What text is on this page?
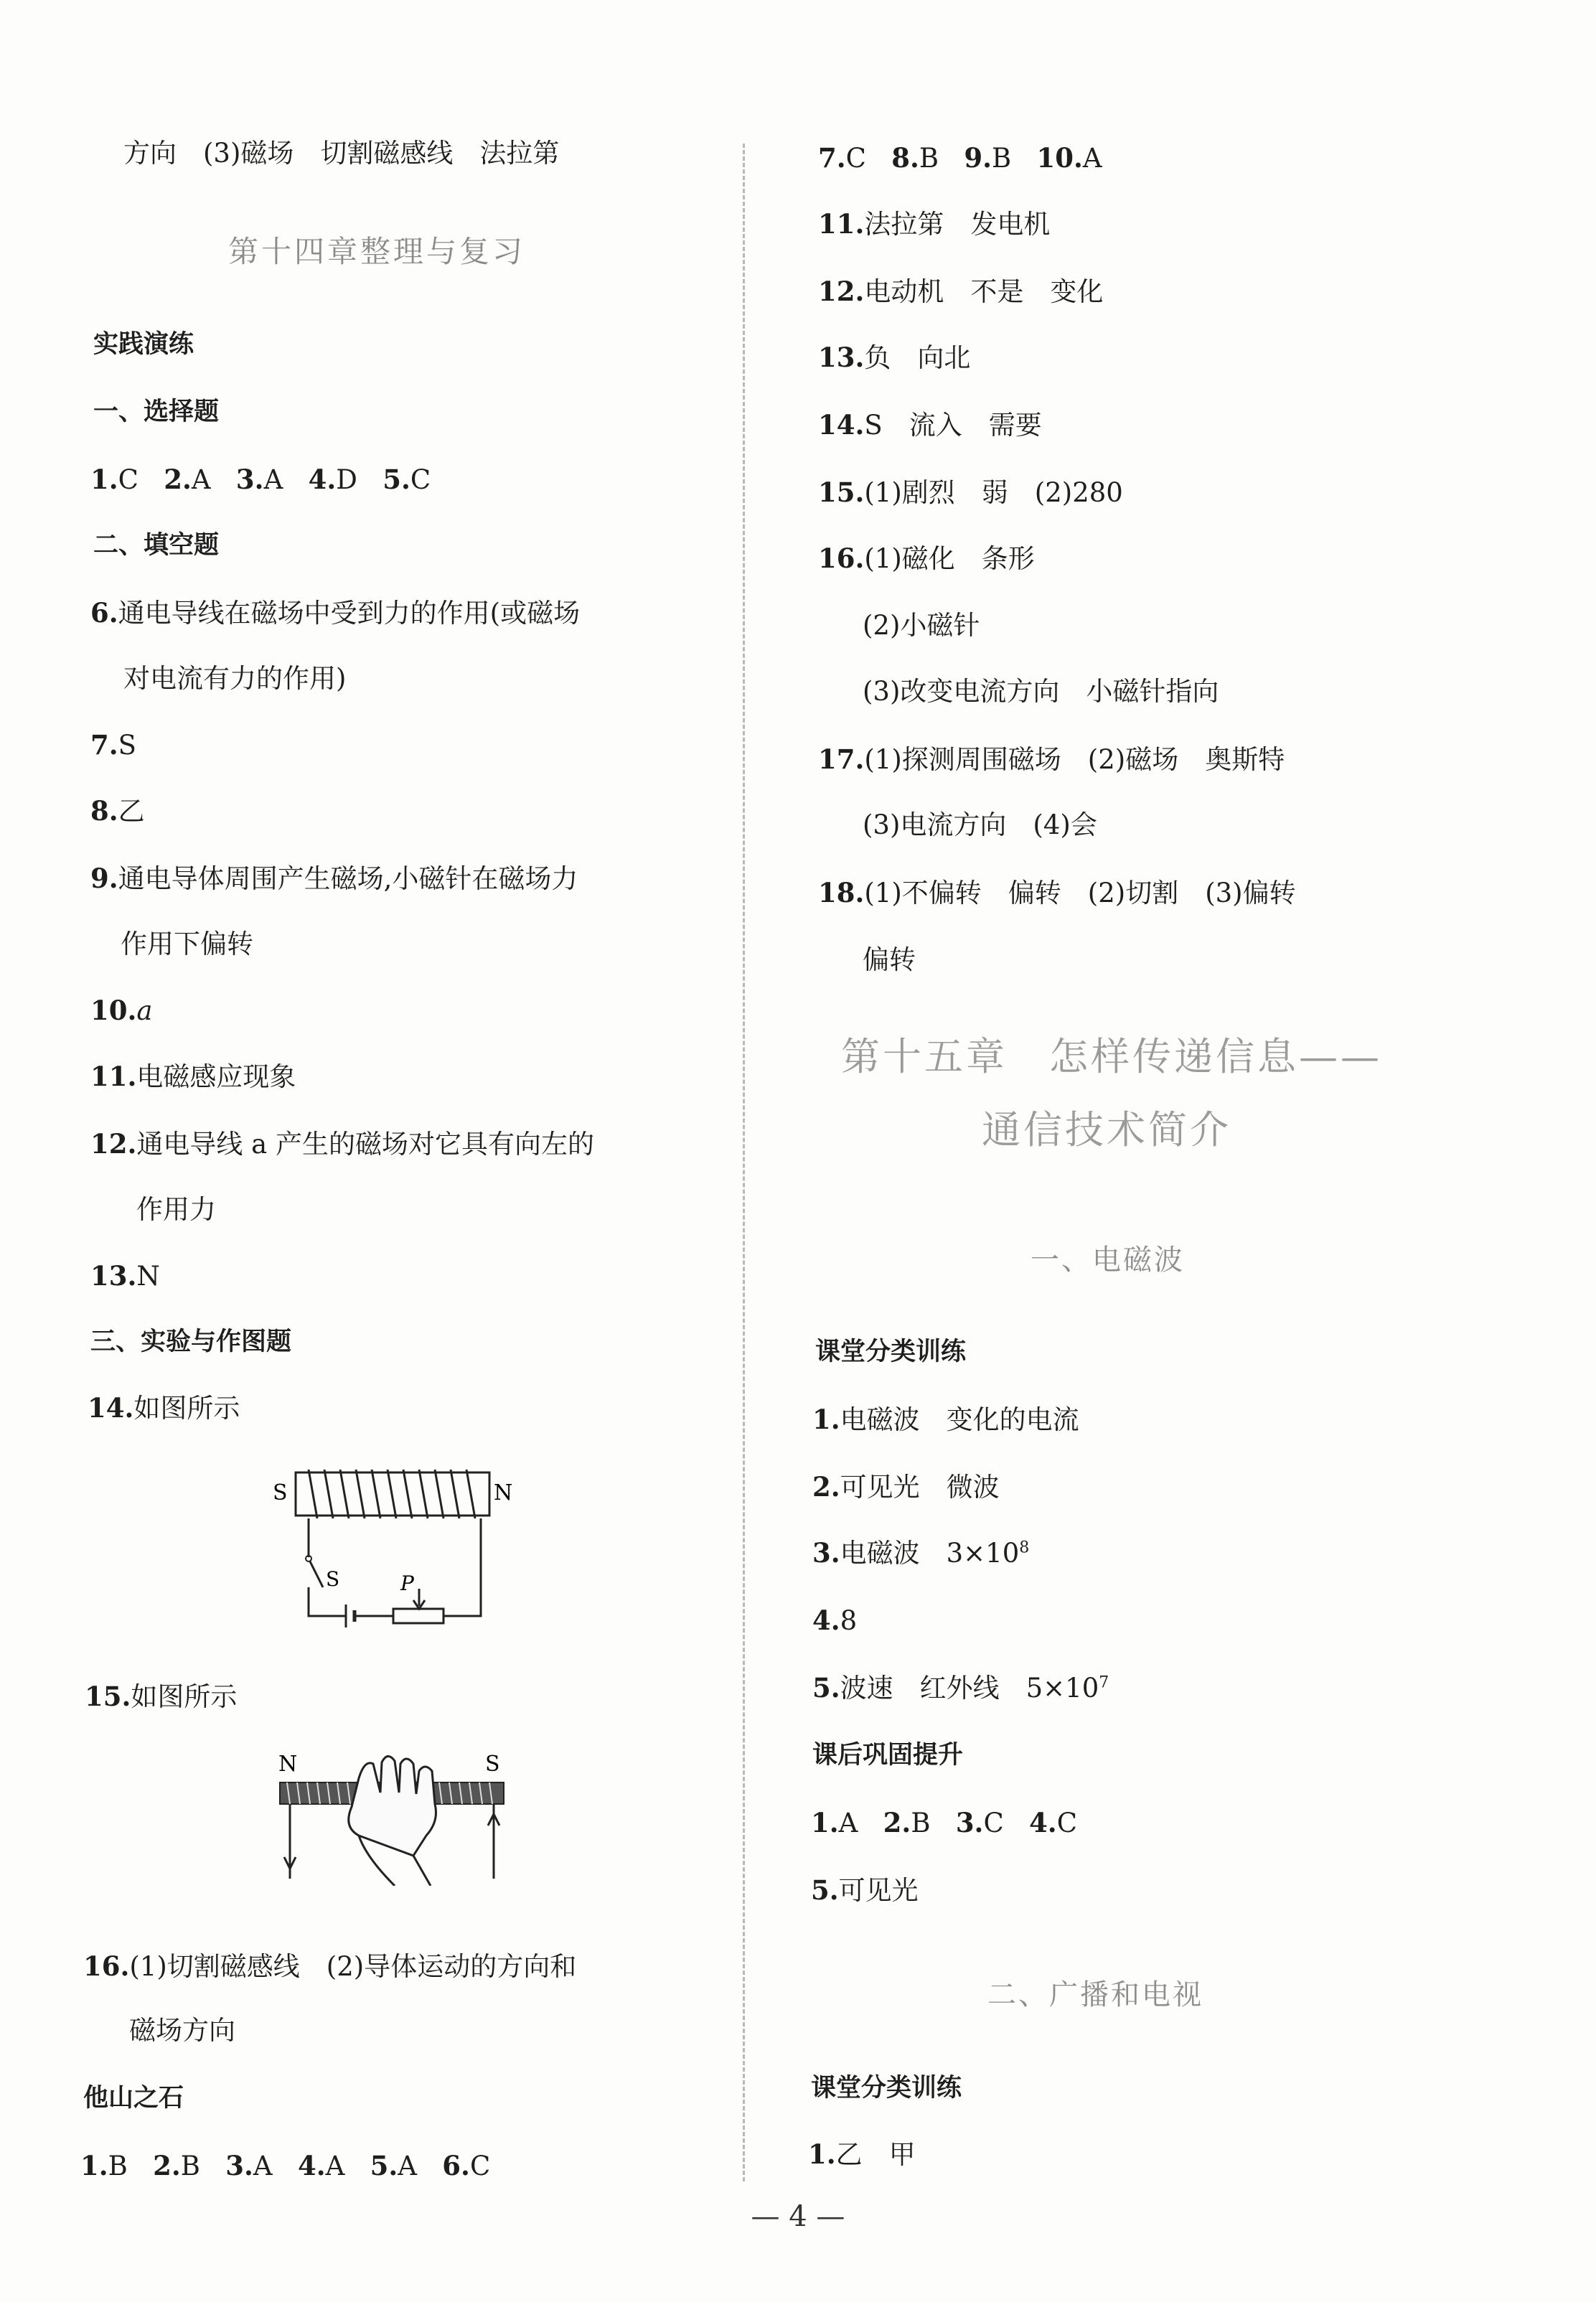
方向　(3)磁场　切割磁感线　法拉第
第十四章整理与复习
实践演练
一、选择题
1.C 2.A 3.A 4.D 5.C
二、填空题
6.通电导线在磁场中受到力的作用(或磁场
对电流有力的作用)
7.S
8.乙
9.通电导体周围产生磁场,小磁针在磁场力
作用下偏转
10.a
11.电磁感应现象
12.通电导线 a 产生的磁场对它具有向左的
作用力
13.N
三、实验与作图题
14.如图所示
S	N
S	P
15.如图所示
N	S
16.(1)切割磁感线　(2)导体运动的方向和
磁场方向
他山之石
1.B 2.B 3.A 4.A 5.A 6.C
7.C 8.B 9.B 10.A
11.法拉第　发电机
12.电动机　不是　变化
13.负　向北
14.S　流入　需要
15.(1)剧烈　弱　(2)280
16.(1)磁化　条形
(2)小磁针
(3)改变电流方向　小磁针指向
17.(1)探测周围磁场　(2)磁场　奥斯特
(3)电流方向　(4)会
18.(1)不偏转　偏转　(2)切割　(3)偏转
偏转
第十五章　怎样传递信息——
通信技术简介
一、电磁波
课堂分类训练
1.电磁波　变化的电流
2.可见光　微波
3.电磁波　$3\times 10^8$
4.8
5.波速　红外线　$5\times 10^7$
课后巩固提升
1.A 2.B 3.C 4.C
5.可见光
二、广播和电视
课堂分类训练
1.乙　甲
— 4 —
